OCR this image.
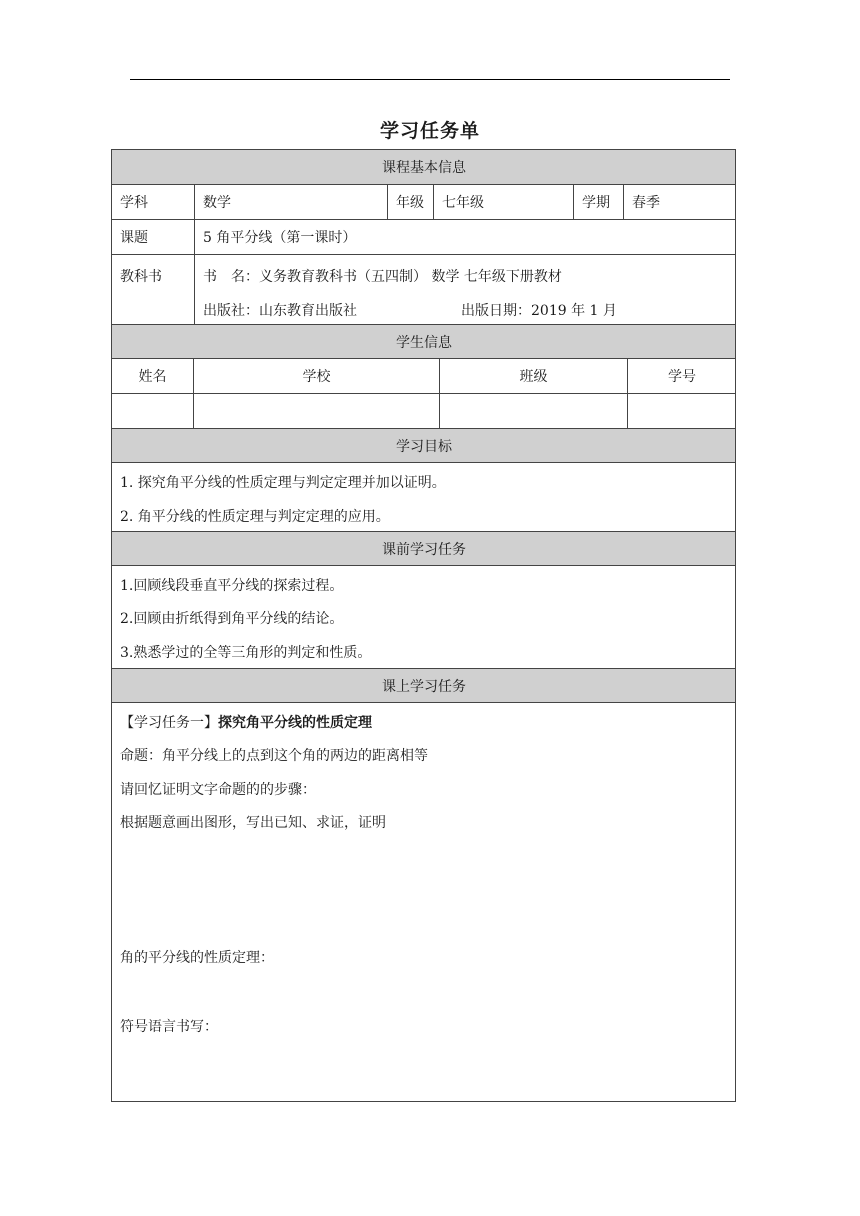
学习任务单
课程基本信息
学科	数学	年级	七年级	学期	春季
课题	5 角平分线（第一课时）
教科书	书　名：义务教育教科书（五四制） 数学 七年级下册教材
出版社：山东教育出版社	出版日期：2019 年 1 月
学生信息
姓名	学校	班级	学号
学习目标
1. 探究角平分线的性质定理与判定定理并加以证明。
2. 角平分线的性质定理与判定定理的应用。
课前学习任务
1.回顾线段垂直平分线的探索过程。
2.回顾由折纸得到角平分线的结论。
3.熟悉学过的全等三角形的判定和性质。
课上学习任务
【学习任务一】探究角平分线的性质定理
命题：角平分线上的点到这个角的两边的距离相等
请回忆证明文字命题的的步骤：
根据题意画出图形，写出已知、求证，证明
角的平分线的性质定理：
符号语言书写：
